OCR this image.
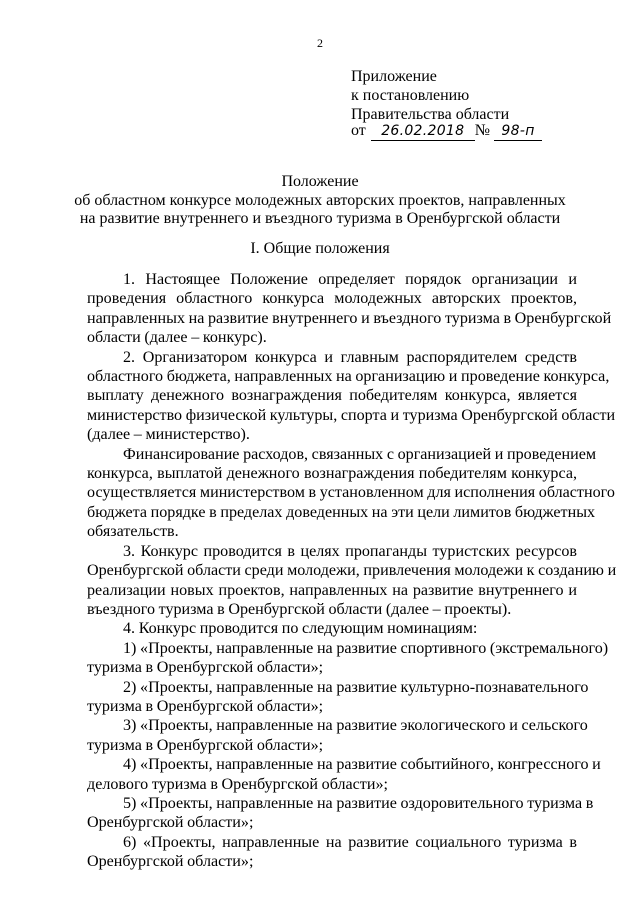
2
Приложение
к постановлению
Правительства области
от 26.02.2018 № 98-п
Положение
об областном конкурсе молодежных авторских проектов, направленных
на развитие внутреннего и въездного туризма в Оренбургской области
I. Общие положения
1. Настоящее Положение определяет порядок организации и
проведения областного конкурса молодежных авторских проектов,
направленных на развитие внутреннего и въездного туризма в Оренбургской
области (далее – конкурс).
2. Организатором конкурса и главным распорядителем средств
областного бюджета, направленных на организацию и проведение конкурса,
выплату денежного вознаграждения победителям конкурса, является
министерство физической культуры, спорта и туризма Оренбургской области
(далее – министерство).
Финансирование расходов, связанных с организацией и проведением
конкурса, выплатой денежного вознаграждения победителям конкурса,
осуществляется министерством в установленном для исполнения областного
бюджета порядке в пределах доведенных на эти цели лимитов бюджетных
обязательств.
3. Конкурс проводится в целях пропаганды туристских ресурсов
Оренбургской области среди молодежи, привлечения молодежи к созданию и
реализации новых проектов, направленных на развитие внутреннего и
въездного туризма в Оренбургской области (далее – проекты).
4. Конкурс проводится по следующим номинациям:
1) «Проекты, направленные на развитие спортивного (экстремального)
туризма в Оренбургской области»;
2) «Проекты, направленные на развитие культурно-познавательного
туризма в Оренбургской области»;
3) «Проекты, направленные на развитие экологического и сельского
туризма в Оренбургской области»;
4) «Проекты, направленные на развитие событийного, конгрессного и
делового туризма в Оренбургской области»;
5) «Проекты, направленные на развитие оздоровительного туризма в
Оренбургской области»;
6) «Проекты, направленные на развитие социального туризма в
Оренбургской области»;
